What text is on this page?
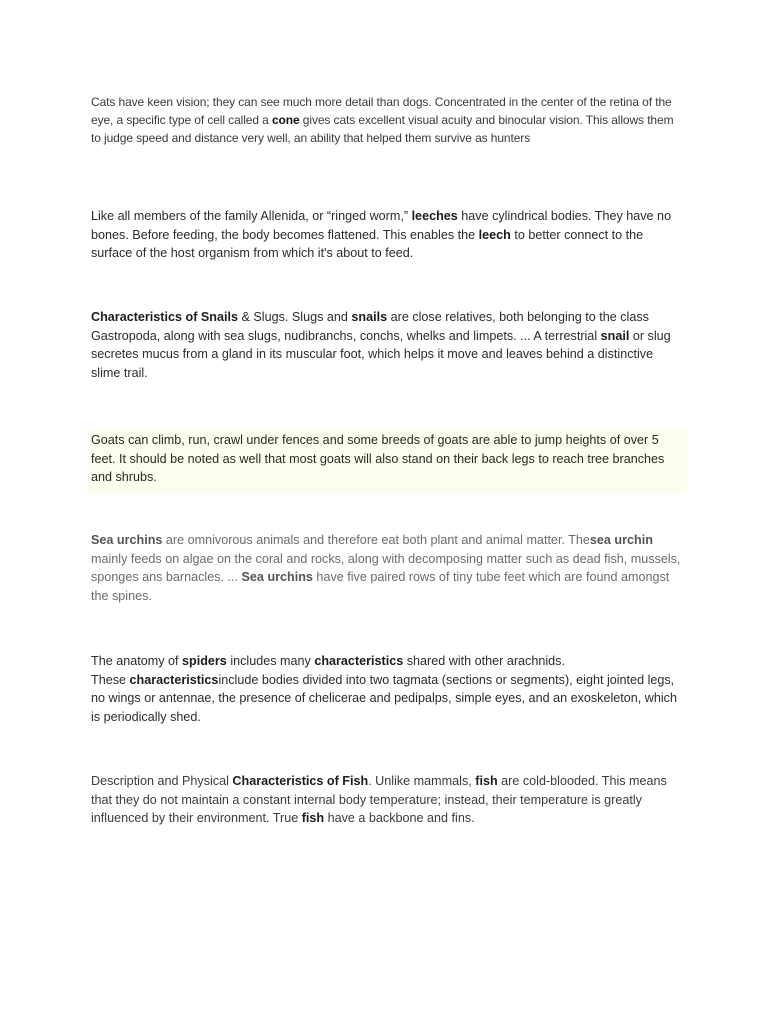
Cats have keen vision; they can see much more detail than dogs. Concentrated in the center of the retina of the eye, a specific type of cell called a cone gives cats excellent visual acuity and binocular vision. This allows them to judge speed and distance very well, an ability that helped them survive as hunters

Like all members of the family Allenida, or “ringed worm,” leeches have cylindrical bodies. They have no bones. Before feeding, the body becomes flattened. This enables the leech to better connect to the surface of the host organism from which it's about to feed.

Characteristics of Snails & Slugs. Slugs and snails are close relatives, both belonging to the class Gastropoda, along with sea slugs, nudibranchs, conchs, whelks and limpets. ... A terrestrial snail or slug secretes mucus from a gland in its muscular foot, which helps it move and leaves behind a distinctive slime trail.

Goats can climb, run, crawl under fences and some breeds of goats are able to jump heights of over 5 feet. It should be noted as well that most goats will also stand on their back legs to reach tree branches and shrubs.

Sea urchins are omnivorous animals and therefore eat both plant and animal matter. Thesea urchin mainly feeds on algae on the coral and rocks, along with decomposing matter such as dead fish, mussels, sponges ans barnacles. ... Sea urchins have five paired rows of tiny tube feet which are found amongst the spines.

The anatomy of spiders includes many characteristics shared with other arachnids.
These characteristicsinclude bodies divided into two tagmata (sections or segments), eight jointed legs, no wings or antennae, the presence of chelicerae and pedipalps, simple eyes, and an exoskeleton, which is periodically shed.

Description and Physical Characteristics of Fish. Unlike mammals, fish are cold-blooded. This means that they do not maintain a constant internal body temperature; instead, their temperature is greatly influenced by their environment. True fish have a backbone and fins.
